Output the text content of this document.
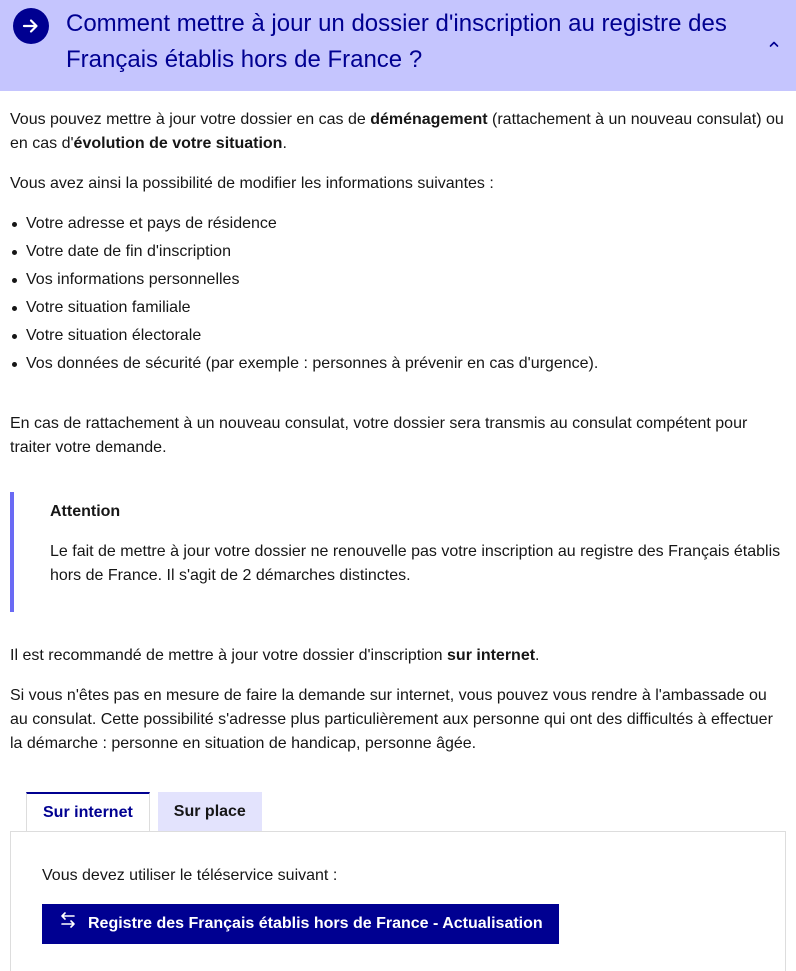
Comment mettre à jour un dossier d'inscription au registre des Français établis hors de France ?

Vous pouvez mettre à jour votre dossier en cas de déménagement (rattachement à un nouveau consulat) ou en cas d'évolution de votre situation.

Vous avez ainsi la possibilité de modifier les informations suivantes :

Votre adresse et pays de résidence
Votre date de fin d'inscription
Vos informations personnelles
Votre situation familiale
Votre situation électorale
Vos données de sécurité (par exemple : personnes à prévenir en cas d'urgence).

En cas de rattachement à un nouveau consulat, votre dossier sera transmis au consulat compétent pour traiter votre demande.

Attention
Le fait de mettre à jour votre dossier ne renouvelle pas votre inscription au registre des Français établis hors de France. Il s'agit de 2 démarches distinctes.

Il est recommandé de mettre à jour votre dossier d'inscription sur internet.

Si vous n'êtes pas en mesure de faire la demande sur internet, vous pouvez vous rendre à l'ambassade ou au consulat. Cette possibilité s'adresse plus particulièrement aux personne qui ont des difficultés à effectuer la démarche : personne en situation de handicap, personne âgée.

Sur internet	Sur place
Vous devez utiliser le téléservice suivant :
Registre des Français établis hors de France - Actualisation
